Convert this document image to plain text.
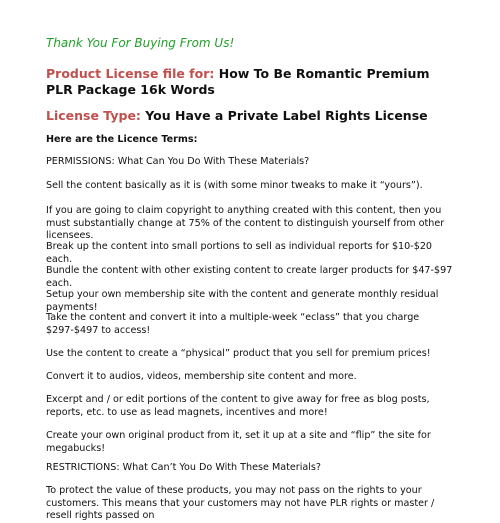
Thank You For Buying From Us!
Product License file for: How To Be Romantic Premium PLR Package 16k Words
License Type: You Have a Private Label Rights License
Here are the Licence Terms:
PERMISSIONS: What Can You Do With These Materials?
Sell the content basically as it is (with some minor tweaks to make it “yours”).
If you are going to claim copyright to anything created with this content, then you must substantially change at 75% of the content to distinguish yourself from other licensees.
Break up the content into small portions to sell as individual reports for $10-$20 each.
Bundle the content with other existing content to create larger products for $47-$97 each.
Setup your own membership site with the content and generate monthly residual payments!
Take the content and convert it into a multiple-week “eclass” that you charge $297-$497 to access!
Use the content to create a “physical” product that you sell for premium prices!
Convert it to audios, videos, membership site content and more.
Excerpt and / or edit portions of the content to give away for free as blog posts, reports, etc. to use as lead magnets, incentives and more!
Create your own original product from it, set it up at a site and “flip” the site for megabucks!
RESTRICTIONS: What Can’t You Do With These Materials?
To protect the value of these products, you may not pass on the rights to your customers. This means that your customers may not have PLR rights or master / resell rights passed on
